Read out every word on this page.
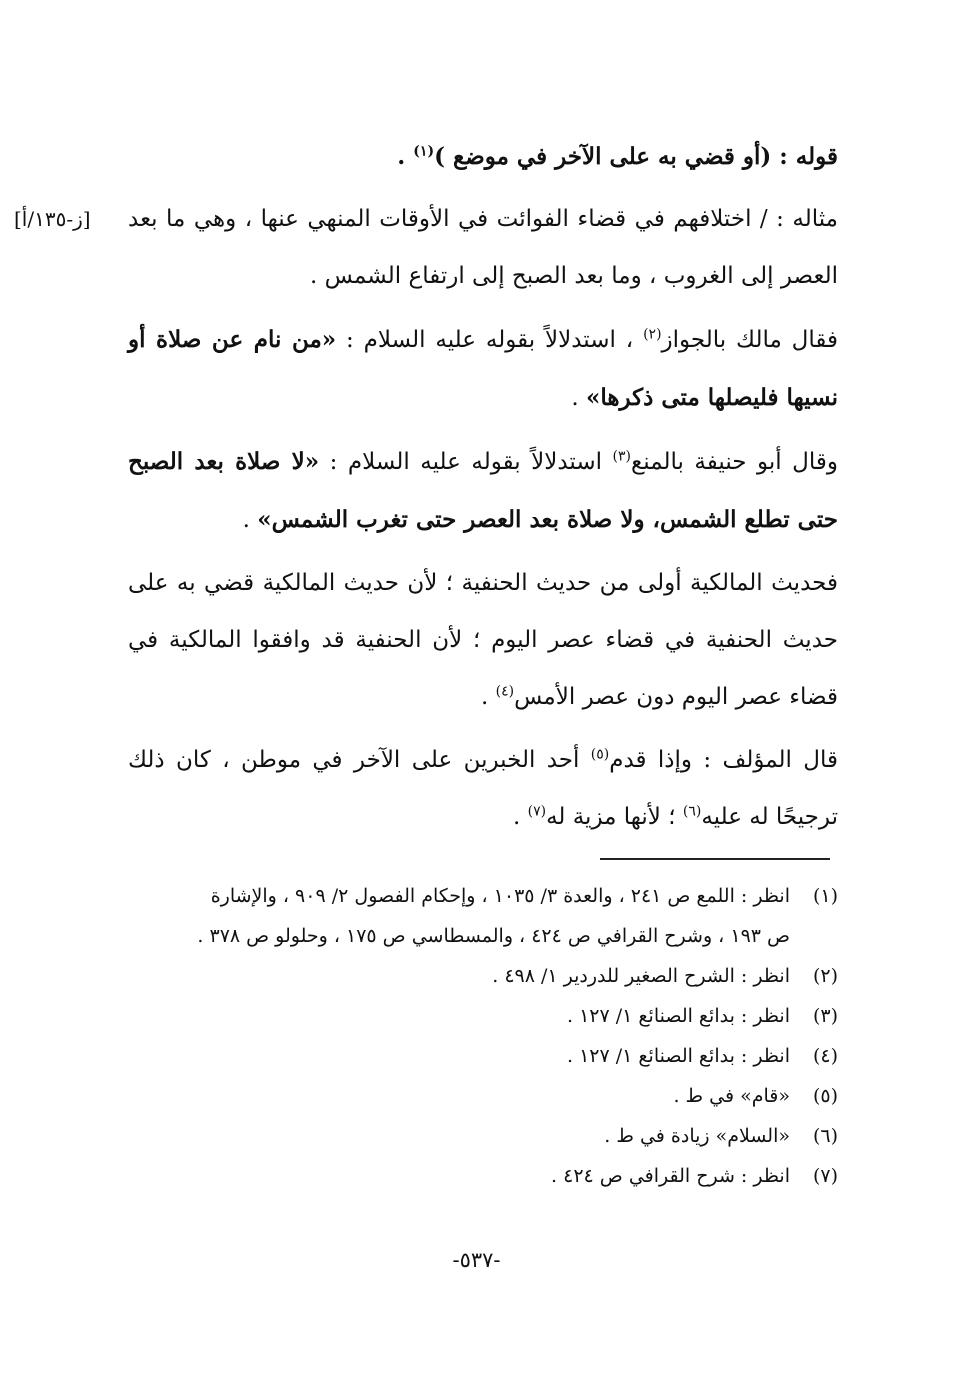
[ز-١٣٥/أ]

قوله : (أو قضي به على الآخر في موضع )$^{(١)}$ .

مثاله : / اختلافهم في قضاء الفوائت في الأوقات المنهي عنها ، وهي ما بعد العصر إلى الغروب ، وما بعد الصبح إلى ارتفاع الشمس .

فقال مالك بالجواز$^{(٢)}$ ، استدلالاً بقوله عليه السلام : «من نام عن صلاة أو نسيها فليصلها متى ذكرها» .

وقال أبو حنيفة بالمنع$^{(٣)}$ استدلالاً بقوله عليه السلام : «لا صلاة بعد الصبح حتى تطلع الشمس، ولا صلاة بعد العصر حتى تغرب الشمس» .

فحديث المالكية أولى من حديث الحنفية ؛ لأن حديث المالكية قضي به على حديث الحنفية في قضاء عصر اليوم ؛ لأن الحنفية قد وافقوا المالكية في قضاء عصر اليوم دون عصر الأمس$^{(٤)}$ .

قال المؤلف : وإذا قدم$^{(٥)}$ أحد الخبرين على الآخر في موطن ، كان ذلك ترجيحًا له عليه$^{(٦)}$ ؛ لأنها مزية له$^{(٧)}$ .

(١)انظر : اللمع ص ٢٤١ ، والعدة ٣/ ١٠٣٥ ، وإحكام الفصول ٢/ ٩٠٩ ، والإشارة
ص ١٩٣ ، وشرح القرافي ص ٤٢٤ ، والمسطاسي ص ١٧٥ ، وحلولو ص ٣٧٨ .

(٢)انظر : الشرح الصغير للدردير ١/ ٤٩٨ .

(٣)انظر : بدائع الصنائع ١/ ١٢٧ .

(٤)انظر : بدائع الصنائع ١/ ١٢٧ .

(٥)«قام» في ط .

(٦)«السلام» زيادة في ط .

(٧)انظر : شرح القرافي ص ٤٢٤ .

-٥٣٧-
